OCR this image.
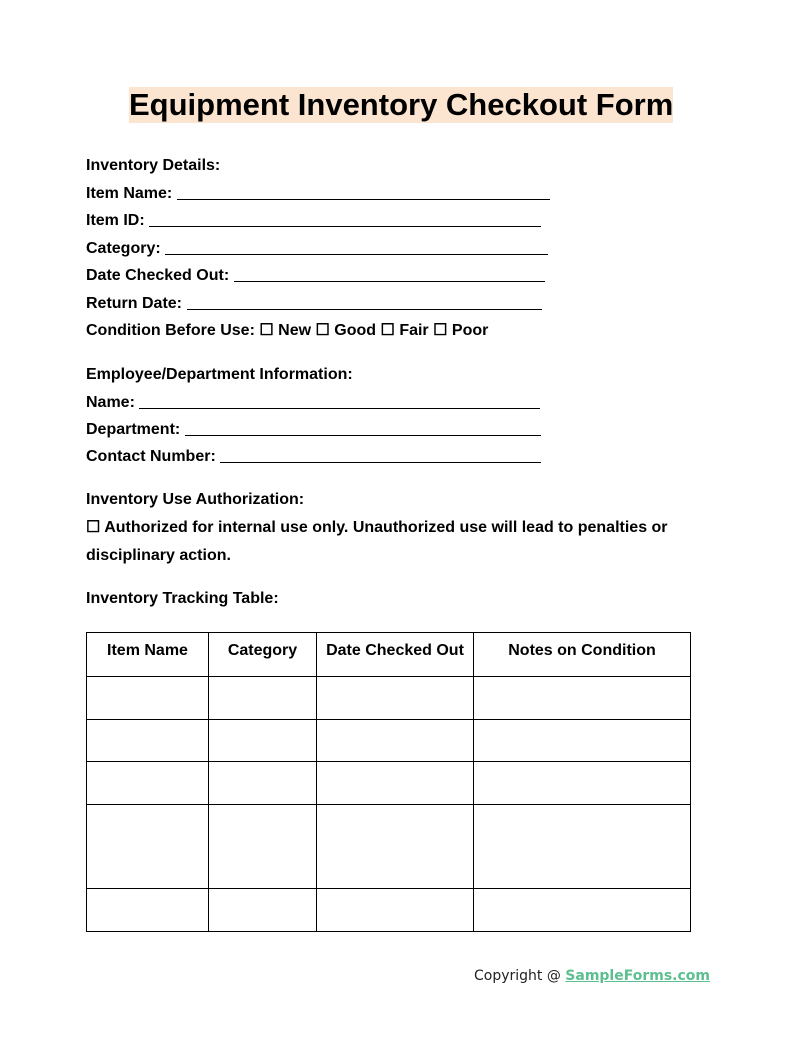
Equipment Inventory Checkout Form
Inventory Details:
Item Name:
Item ID:
Category:
Date Checked Out:
Return Date:
Condition Before Use: ☐ New ☐ Good ☐ Fair ☐ Poor
Employee/Department Information:
Name:
Department:
Contact Number:
Inventory Use Authorization:
☐ Authorized for internal use only. Unauthorized use will lead to penalties or
disciplinary action.
Inventory Tracking Table:
Item Name	Category	Date Checked Out	Notes on Condition

Copyright @ SampleForms.com
